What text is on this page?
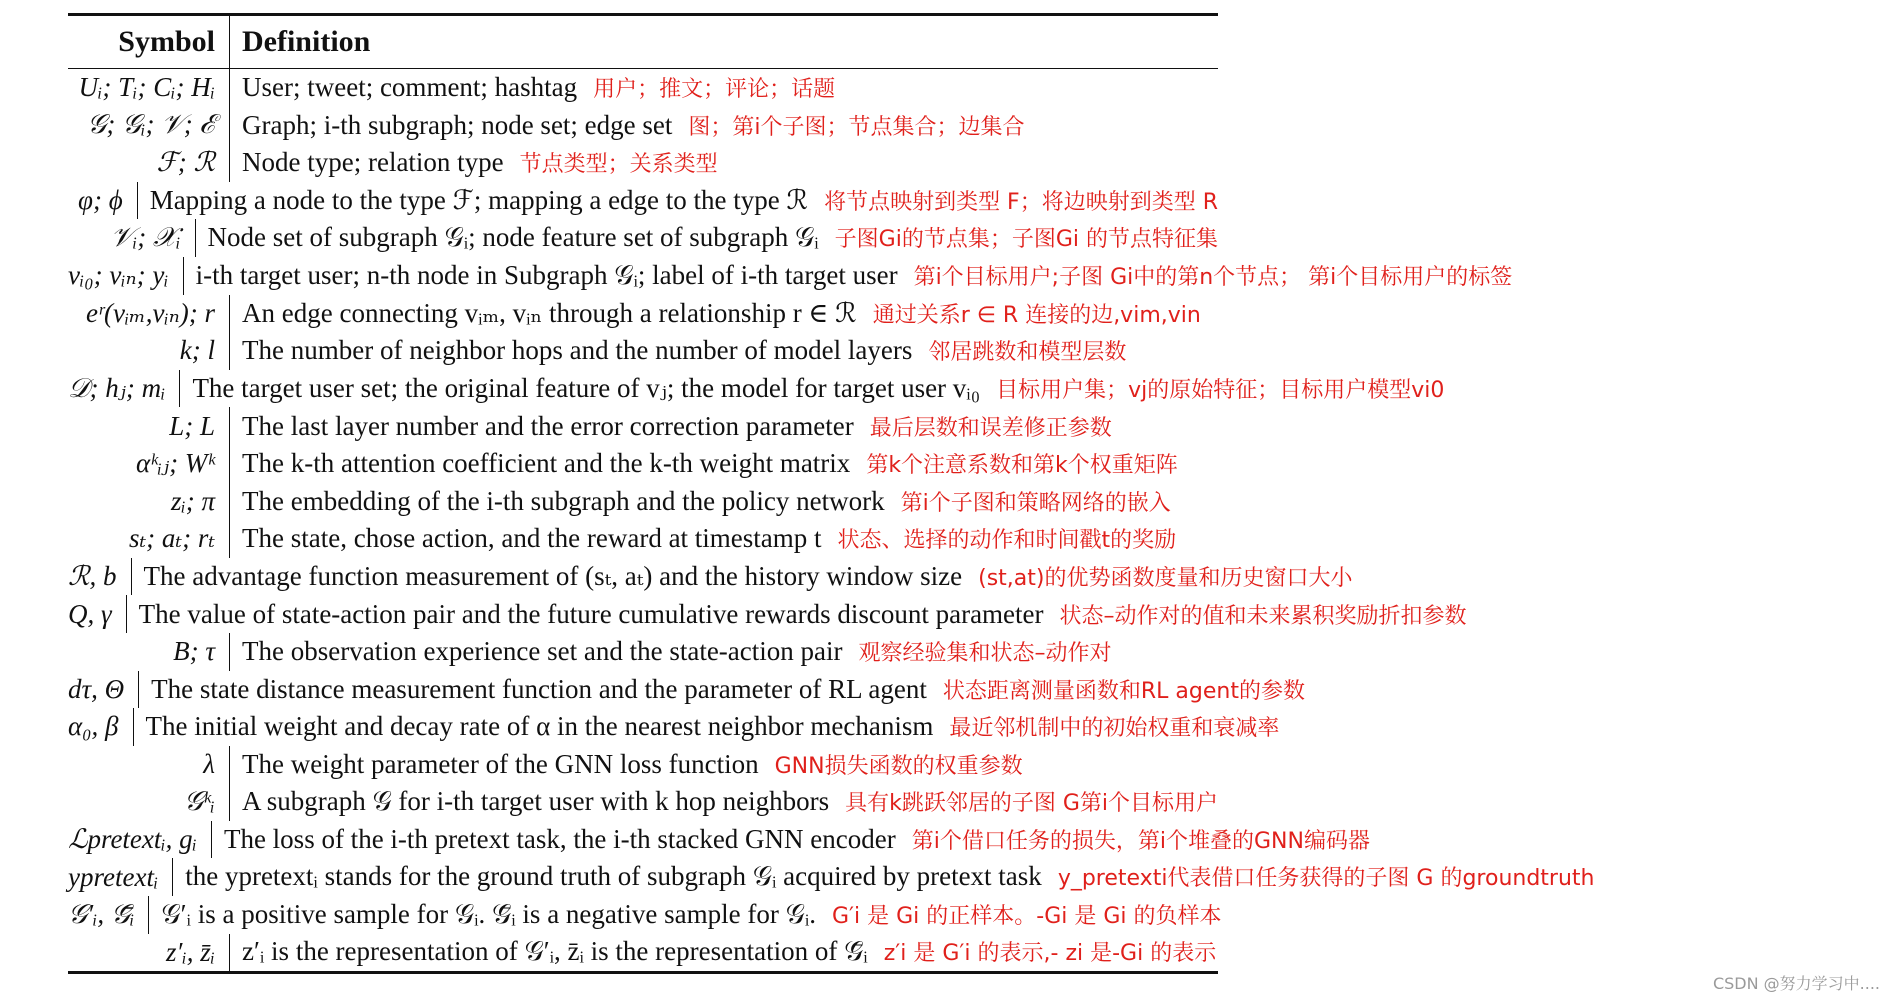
Symbol Definition
Uᵢ; Tᵢ; Cᵢ; Hᵢ	User; tweet; comment; hashtag 用户；推文；评论；话题
𝒢; 𝒢ᵢ; 𝒱; ℰ	Graph; i-th subgraph; node set; edge set 图；第i个子图；节点集合；边集合
ℱ; ℛ	Node type; relation type 节点类型；关系类型
φ; ϕ	Mapping a node to the type ℱ; mapping a edge to the type ℛ 将节点映射到类型 F；将边映射到类型 R
𝒱ᵢ; 𝒳ᵢ	Node set of subgraph 𝒢ᵢ; node feature set of subgraph 𝒢ᵢ 子图Gi的节点集；子图Gi 的节点特征集
vᵢ₀; vᵢₙ; yᵢ	i-th target user; n-th node in Subgraph 𝒢ᵢ; label of i-th target user 第i个目标用户;子图 Gi中的第n个节点； 第i个目标用户的标签
eʳ(vᵢₘ,vᵢₙ); r	An edge connecting vᵢₘ, vᵢₙ through a relationship r ∈ ℛ 通过关系r ∈ R 连接的边,vim,vin
k; l	The number of neighbor hops and the number of model layers 邻居跳数和模型层数
𝒟; hⱼ; mᵢ	The target user set; the original feature of vⱼ; the model for target user vᵢ₀ 目标用户集；vj的原始特征；目标用户模型vi0
L; L	The last layer number and the error correction parameter 最后层数和误差修正参数
αᵏᵢⱼ; Wᵏ	The k-th attention coefficient and the k-th weight matrix 第k个注意系数和第k个权重矩阵
zᵢ; π	The embedding of the i-th subgraph and the policy network 第i个子图和策略网络的嵌入
sₜ; aₜ; rₜ	The state, chose action, and the reward at timestamp t 状态、选择的动作和时间戳t的奖励
ℛ, b	The advantage function measurement of (sₜ, aₜ) and the history window size (st,at)的优势函数度量和历史窗口大小
Q, γ	The value of state-action pair and the future cumulative rewards discount parameter 状态–动作对的值和未来累积奖励折扣参数
B; τ	The observation experience set and the state-action pair 观察经验集和状态–动作对
dτ, Θ	The state distance measurement function and the parameter of RL agent 状态距离测量函数和RL agent的参数
α₀, β	The initial weight and decay rate of α in the nearest neighbor mechanism 最近邻机制中的初始权重和衰减率
λ	The weight parameter of the GNN loss function GNN损失函数的权重参数
𝒢ᵏᵢ	A subgraph 𝒢 for i-th target user with k hop neighbors 具有k跳跃邻居的子图 G第i个目标用户
ℒpretextᵢ, gᵢ	The loss of the i-th pretext task, the i-th stacked GNN encoder 第i个借口任务的损失，第i个堆叠的GNN编码器
ypretextᵢ	the ypretextᵢ stands for the ground truth of subgraph 𝒢ᵢ acquired by pretext task y_pretexti代表借口任务获得的子图 G 的groundtruth
𝒢′ᵢ, 𝒢̄ᵢ	𝒢′ᵢ is a positive sample for 𝒢ᵢ. 𝒢̄ᵢ is a negative sample for 𝒢ᵢ. G′i 是 Gi 的正样本。-Gi 是 Gi 的负样本
z′ᵢ, z̄ᵢ	z′ᵢ is the representation of 𝒢′ᵢ, z̄ᵢ is the representation of 𝒢̄ᵢ z′i 是 G′i 的表示,- zi 是-Gi 的表示
CSDN @努力学习中....
